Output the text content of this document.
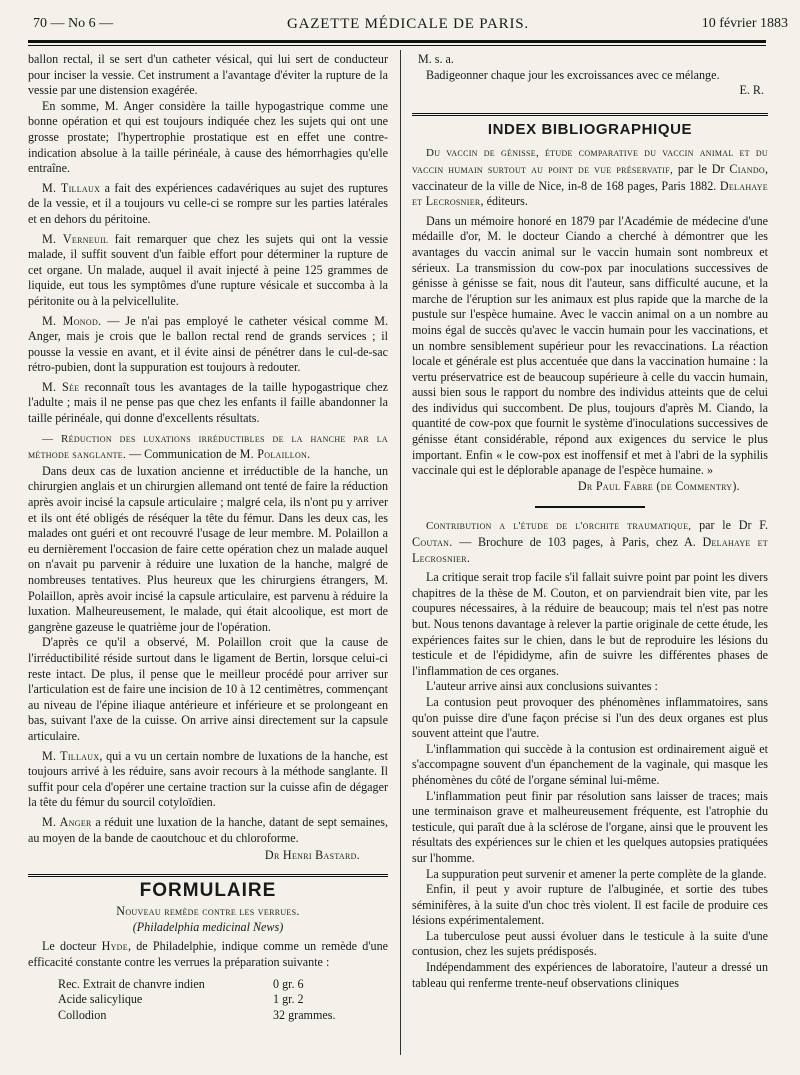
70 — No 6 —	GAZETTE MÉDICALE DE PARIS.	10 février 1883

ballon rectal, il se sert d'un catheter vésical, qui lui sert de conducteur pour inciser la vessie. Cet instrument a l'avantage d'éviter la rupture de la vessie par une distension exagérée.

En somme, M. Anger considère la taille hypogastrique comme une bonne opération et qui est toujours indiquée chez les sujets qui ont une grosse prostate; l'hypertrophie prostatique est en effet une contre-indication absolue à la taille périnéale, à cause des hémorrhagies qu'elle entraîne.

M. Tillaux a fait des expériences cadavériques au sujet des ruptures de la vessie, et il a toujours vu celle-ci se rompre sur les parties latérales et en dehors du péritoine.

M. Verneuil fait remarquer que chez les sujets qui ont la vessie malade, il suffit souvent d'un faible effort pour déterminer la rupture de cet organe. Un malade, auquel il avait injecté à peine 125 grammes de liquide, eut tous les symptômes d'une rupture vésicale et succomba à la péritonite ou à la pelvicellulite.

M. Monod. — Je n'ai pas employé le catheter vésical comme M. Anger, mais je crois que le ballon rectal rend de grands services ; il pousse la vessie en avant, et il évite ainsi de pénétrer dans le cul-de-sac rétro-pubien, dont la suppuration est toujours à redouter.

M. Sée reconnaît tous les avantages de la taille hypogastrique chez l'adulte ; mais il ne pense pas que chez les enfants il faille abandonner la taille périnéale, qui donne d'excellents résultats.

— Réduction des luxations irréductibles de la hanche par la méthode sanglante. — Communication de M. Polaillon.

Dans deux cas de luxation ancienne et irréductible de la hanche, un chirurgien anglais et un chirurgien allemand ont tenté de faire la réduction après avoir incisé la capsule articulaire ; malgré cela, ils n'ont pu y arriver et ils ont été obligés de réséquer la tête du fémur. Dans les deux cas, les malades ont guéri et ont recouvré l'usage de leur membre. M. Polaillon a eu dernièrement l'occasion de faire cette opération chez un malade auquel on n'avait pu parvenir à réduire une luxation de la hanche, malgré de nombreuses tentatives. Plus heureux que les chirurgiens étrangers, M. Polaillon, après avoir incisé la capsule articulaire, est parvenu à réduire la luxation. Malheureusement, le malade, qui était alcoolique, est mort de gangrène gazeuse le quatrième jour de l'opération.

D'après ce qu'il a observé, M. Polaillon croit que la cause de l'irréductibilité réside surtout dans le ligament de Bertin, lorsque celui-ci reste intact. De plus, il pense que le meilleur procédé pour arriver sur l'articulation est de faire une incision de 10 à 12 centimètres, commençant au niveau de l'épine iliaque antérieure et inférieure et se prolongeant en bas, suivant l'axe de la cuisse. On arrive ainsi directement sur la capsule articulaire.

M. Tillaux, qui a vu un certain nombre de luxations de la hanche, est toujours arrivé à les réduire, sans avoir recours à la méthode sanglante. Il suffit pour cela d'opérer une certaine traction sur la cuisse afin de dégager la tête du fémur du sourcil cotyloïdien.

M. Anger a réduit une luxation de la hanche, datant de sept semaines, au moyen de la bande de caoutchouc et du chloroforme.

Dr Henri Bastard.

FORMULAIRE
Nouveau remède contre les verrues.
(Philadelphia medicinal News)

Le docteur Hyde, de Philadelphie, indique comme un remède d'une efficacité constante contre les verrues la préparation suivante :

Rec. Extrait de chanvre indien	0 gr. 6
Acide salicylique	1 gr. 2
Collodion	32 grammes.

M. s. a.

Badigeonner chaque jour les excroissances avec ce mélange.

E. R.

INDEX BIBLIOGRAPHIQUE

Du vaccin de génisse, étude comparative du vaccin animal et du vaccin humain surtout au point de vue préservatif, par le Dr Ciando, vaccinateur de la ville de Nice, in-8 de 168 pages, Paris 1882. Delahaye et Lecrosnier, éditeurs.

Dans un mémoire honoré en 1879 par l'Académie de médecine d'une médaille d'or, M. le docteur Ciando a cherché à démontrer que les avantages du vaccin animal sur le vaccin humain sont nombreux et sérieux. La transmission du cow-pox par inoculations successives de génisse à génisse se fait, nous dit l'auteur, sans difficulté aucune, et la marche de l'éruption sur les animaux est plus rapide que la marche de la pustule sur l'espèce humaine. Avec le vaccin animal on a un nombre au moins égal de succès qu'avec le vaccin humain pour les vaccinations, et un nombre sensiblement supérieur pour les revaccinations. La réaction locale et générale est plus accentuée que dans la vaccination humaine : la vertu préservatrice est de beaucoup supérieure à celle du vaccin humain, aussi bien sous le rapport du nombre des individus atteints que de celui des individus qui succombent. De plus, toujours d'après M. Ciando, la quantité de cow-pox que fournit le système d'inoculations successives de génisse étant considérable, répond aux exigences du service le plus important. Enfin « le cow-pox est inoffensif et met à l'abri de la syphilis vaccinale qui est le déplorable apanage de l'espèce humaine. »

Dr Paul Fabre (de Commentry).

Contribution a l'étude de l'orchite traumatique, par le Dr F. Coutan. — Brochure de 103 pages, à Paris, chez A. Delahaye et Lecrosnier.

La critique serait trop facile s'il fallait suivre point par point les divers chapitres de la thèse de M. Couton, et on parviendrait bien vite, par les coupures nécessaires, à la réduire de beaucoup; mais tel n'est pas notre but. Nous tenons davantage à relever la partie originale de cette étude, les expériences faites sur le chien, dans le but de reproduire les lésions du testicule et de l'épididyme, afin de suivre les différentes phases de l'inflammation de ces organes.

L'auteur arrive ainsi aux conclusions suivantes :

La contusion peut provoquer des phénomènes inflammatoires, sans qu'on puisse dire d'une façon précise si l'un des deux organes est plus souvent atteint que l'autre.

L'inflammation qui succède à la contusion est ordinairement aiguë et s'accompagne souvent d'un épanchement de la vaginale, qui masque les phénomènes du côté de l'organe séminal lui-même.

L'inflammation peut finir par résolution sans laisser de traces; mais une terminaison grave et malheureusement fréquente, est l'atrophie du testicule, qui paraît due à la sclérose de l'organe, ainsi que le prouvent les résultats des expériences sur le chien et les quelques autopsies pratiquées sur l'homme.

La suppuration peut survenir et amener la perte complète de la glande.

Enfin, il peut y avoir rupture de l'albuginée, et sortie des tubes séminifères, à la suite d'un choc très violent. Il est facile de produire ces lésions expérimentalement.

La tuberculose peut aussi évoluer dans le testicule à la suite d'une contusion, chez les sujets prédisposés.

Indépendamment des expériences de laboratoire, l'auteur a dressé un tableau qui renferme trente-neuf observations cliniques
